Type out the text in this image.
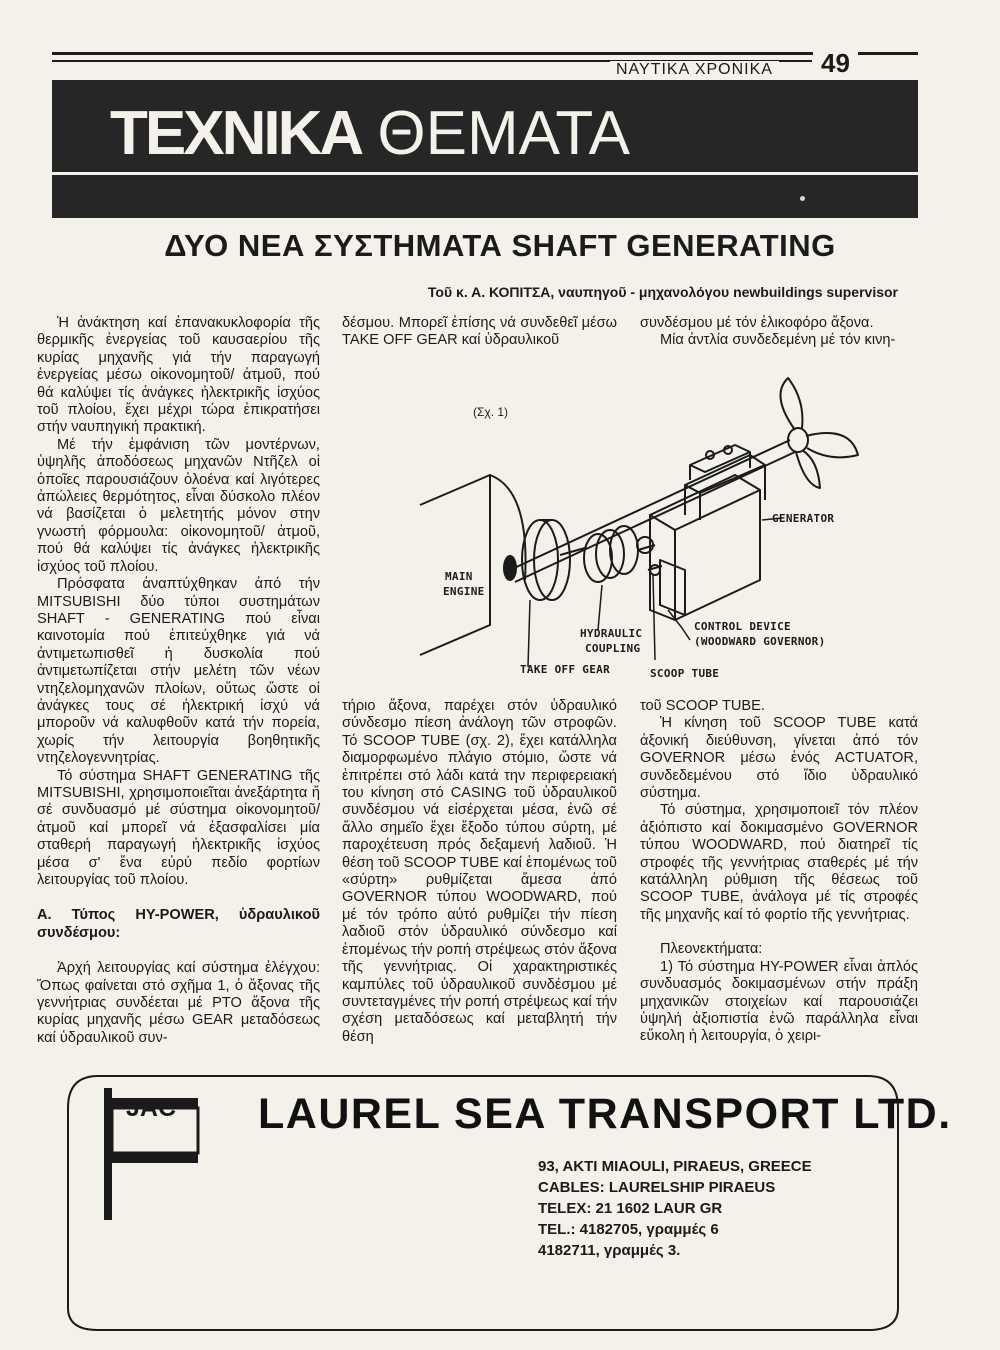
ΝΑΥΤΙΚΑ ΧΡΟΝΙΚΑ	49
ΤΕΧΝΙΚΑ ΘΕΜΑΤΑ
ΔΥΟ ΝΕΑ ΣΥΣΤΗΜΑΤΑ SHAFT GENERATING
Τοῦ κ. Α. ΚΟΠΙΤΣΑ, ναυπηγοῦ - μηχανολόγου newbuildings supervisor

Ἡ ἀνάκτηση καί ἐπανακυκλοφορία τῆς θερμικῆς ἐνεργείας τοῦ καυσαερίου τῆς κυρίας μηχανῆς γιά τήν παραγωγή ἐνεργείας μέσω οἰκονομητοῦ/ ἀτμοῦ, πού θά καλύψει τίς ἀνάγκες ἠλεκτρικῆς ἰσχύος τοῦ πλοίου, ἔχει μέχρι τώρα ἐπικρατήσει στήν ναυπηγική πρακτική.

Μέ τήν ἐμφάνιση τῶν μοντέρνων, ὑψηλῆς ἀποδόσεως μηχανῶν Ντῆζελ οἱ ὁποῖες παρουσιάζουν ὁλοένα καί λιγότερες ἀπώλειες θερμότητος, εἶναι δύσκολο πλέον νά βασίζεται ὁ μελετητής μόνον στην γνωστή φόρμουλα: οἰκονομητοῦ/ ἀτμοῦ, πού θά καλύψει τίς ἀνάγκες ἠλεκτρικῆς ἰσχύος τοῦ πλοίου.

Πρόσφατα ἀναπτύχθηκαν ἀπό τήν MITSUBISHI δύο τύποι συστημάτων SHAFT - GENERATING πού εἶναι καινοτομία πού ἐπιτεύχθηκε γιά νά ἀντιμετωπισθεῖ ἡ δυσκολία πού ἀντιμετωπίζεται στήν μελέτη τῶν νέων ντηζελομηχανῶν πλοίων, οὕτως ὥστε οἱ ἀνάγκες τους σέ ἠλεκτρική ἰσχύ νά μποροῦν νά καλυφθοῦν κατά τήν πορεία, χωρίς τήν λειτουργία βοηθητικῆς ντηζελογεννητρίας.

Τό σύστημα SHAFT GENERATING τῆς MITSUBISHI, χρησιμοποιεῖται ἀνεξάρτητα ἤ σέ συνδυασμό μέ σύστημα οἰκονομητοῦ/ ἀτμοῦ καί μπορεῖ νά ἐξασφαλίσει μία σταθερή παραγωγή ἠλεκτρικῆς ἰσχύος μέσα σ' ἕνα εὐρύ πεδίο φορτίων λειτουργίας τοῦ πλοίου.

Α. Τύπος HY-POWER, ὑδραυλικοῦ συνδέσμου:

Ἀρχή λειτουργίας καί σύστημα ἐλέγχου: Ὅπως φαίνεται στό σχῆμα 1, ὁ ἄξονας τῆς γεννήτριας συνδέεται μέ PTO ἄξονα τῆς κυρίας μηχανῆς μέσω GEAR μεταδόσεως καί ὑδραυλικοῦ συν-

δέσμου. Μπορεῖ ἐπίσης νά συνδεθεῖ μέσω TAKE OFF GEAR καί ὑδραυλικοῦ

συνδέσμου μέ τόν ἑλικοφόρο ἄξονα.

Μία ἀντλία συνδεδεμένη μέ τόν κινη-

(Σχ. 1)
GENERATOR
MAIN
ENGINE
HYDRAULIC
COUPLING
CONTROL DEVICE
(WOODWARD GOVERNOR)
TAKE OFF GEAR	SCOOP TUBE

τήριο ἄξονα, παρέχει στόν ὑδραυλικό σύνδεσμο πίεση ἀνάλογη τῶν στροφῶν. Τό SCOOP TUBE (σχ. 2), ἔχει κατάλληλα διαμορφωμένο πλάγιο στόμιο, ὥστε νά ἐπιτρέπει στό λάδι κατά την περιφερειακή του κίνηση στό CASING τοῦ ὑδραυλικοῦ συνδέσμου νά εἰσέρχεται μέσα, ἐνῶ σέ ἄλλο σημεῖο ἔχει ἔξοδο τύπου σύρτη, μέ παροχέτευση πρός δεξαμενή λαδιοῦ. Ἡ θέση τοῦ SCOOP TUBE καί ἑπομένως τοῦ «σύρτη» ρυθμίζεται ἄμεσα ἀπό GOVERNOR τύπου WOODWARD, πού μέ τόν τρόπο αὐτό ρυθμίζει τήν πίεση λαδιοῦ στόν ὑδραυλικό σύνδεσμο καί ἑπομένως τήν ροπή στρέψεως στόν ἄξονα τῆς γεννήτριας. Οἱ χαρακτηριστικές καμπύλες τοῦ ὑδραυλικοῦ συνδέσμου μέ συντεταγμένες τήν ροπή στρέψεως καί τήν σχέση μεταδόσεως καί μεταβλητή τήν θέση

τοῦ SCOOP TUBE.

Ἡ κίνηση τοῦ SCOOP TUBE κατά ἀξονική διεύθυνση, γίνεται ἀπό τόν GOVERNOR μέσω ἑνός ACTUATOR, συνδεδεμένου στό ἴδιο ὑδραυλικό σύστημα.

Τό σύστημα, χρησιμοποιεῖ τόν πλέον ἀξιόπιστο καί δοκιμασμένο GOVERNOR τύπου WOODWARD, πού διατηρεῖ τίς στροφές τῆς γεννήτριας σταθερές μέ τήν κατάλληλη ρύθμιση τῆς θέσεως τοῦ SCOOP TUBE, ἀνάλογα μέ τίς στροφές τῆς μηχανῆς καί τό φορτίο τῆς γεννήτριας.

Πλεονεκτήματα:

1) Τό σύστημα HY-POWER εἶναι ἁπλός συνδυασμός δοκιμασμένων στήν πράξη μηχανικῶν στοιχείων καί παρουσιάζει ὑψηλή ἀξιοπιστία ἐνῶ παράλληλα εἶναι εὔκολη ἡ λειτουργία, ὁ χειρι-

JAC LAUREL SEA TRANSPORT LTD.
93, AKTI MIAOULI, PIRAEUS, GREECE
CABLES: LAURELSHIP PIRAEUS
TELEX: 21 1602 LAUR GR
TEL.: 4182705, γραμμές 6
4182711, γραμμές 3.
